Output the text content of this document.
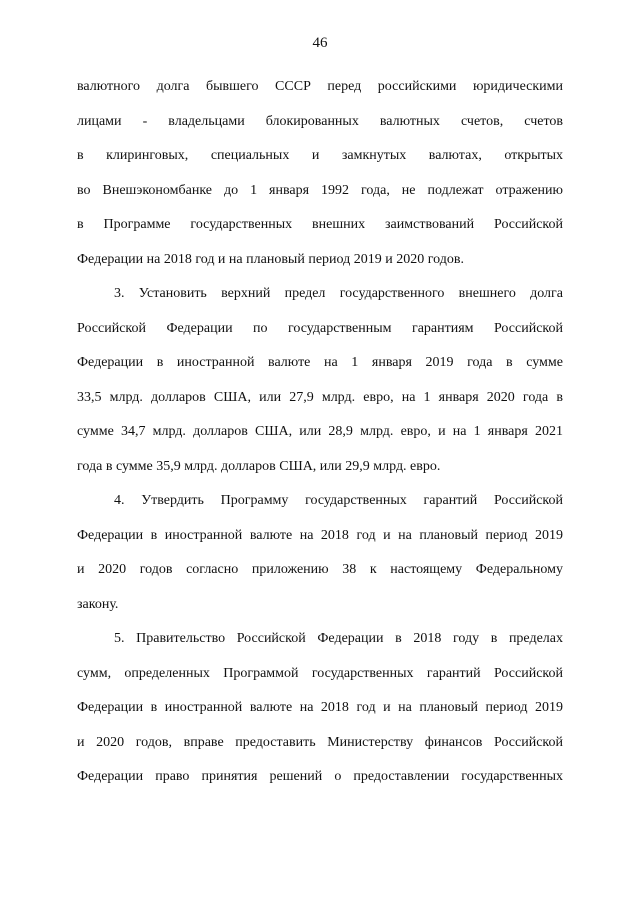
46
валютного долга бывшего СССР перед российскими юридическими
лицами - владельцами блокированных валютных счетов, счетов
в клиринговых, специальных и замкнутых валютах, открытых
во Внешэкономбанке до 1 января 1992 года, не подлежат отражению
в Программе государственных внешних заимствований Российской
Федерации на 2018 год и на плановый период 2019 и 2020 годов.
3. Установить верхний предел государственного внешнего долга
Российской Федерации по государственным гарантиям Российской
Федерации в иностранной валюте на 1 января 2019 года в сумме
33,5 млрд. долларов США, или 27,9 млрд. евро, на 1 января 2020 года в
сумме 34,7 млрд. долларов США, или 28,9 млрд. евро, и на 1 января 2021
года в сумме 35,9 млрд. долларов США, или 29,9 млрд. евро.
4. Утвердить Программу государственных гарантий Российской
Федерации в иностранной валюте на 2018 год и на плановый период 2019
и 2020 годов согласно приложению 38 к настоящему Федеральному
закону.
5. Правительство Российской Федерации в 2018 году в пределах
сумм, определенных Программой государственных гарантий Российской
Федерации в иностранной валюте на 2018 год и на плановый период 2019
и 2020 годов, вправе предоставить Министерству финансов Российской
Федерации право принятия решений о предоставлении государственных
